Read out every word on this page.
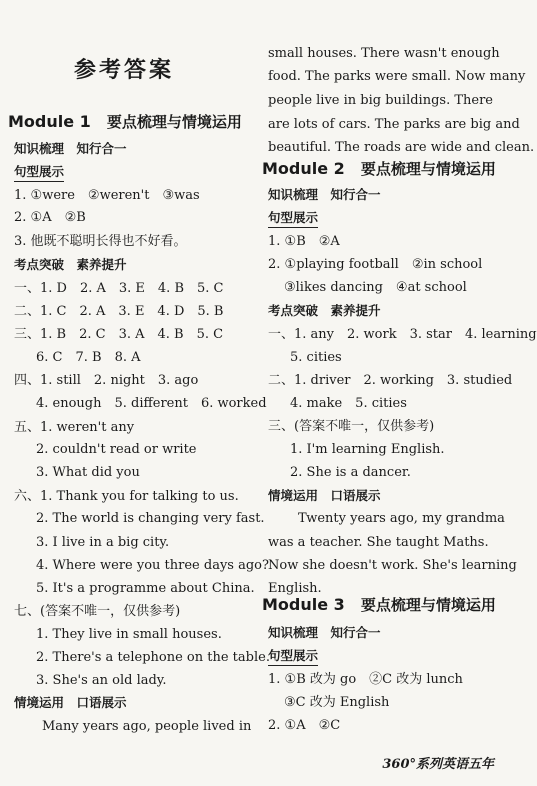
参考答案
Module 1　 要点梳理与情境运用
知识梳理　知行合一
句型展示
1. ①were　②weren't　③was
2. ①A　②B
3. 他既不聪明长得也不好看。
考点突破　素养提升
一、1. D　2. A　3. E　4. B　5. C
二、1. C　2. A　3. E　4. D　5. B
三、1. B　2. C　3. A　4. B　5. C
6. C　7. B　8. A
四、1. still　2. night　3. ago
4. enough　5. different　6. worked
五、1. weren't any
2. couldn't read or write
3. What did you
六、1. Thank you for talking to us.
2. The world is changing very fast.
3. I live in a big city.
4. Where were you three days ago?
5. It's a programme about China.
七、(答案不唯一，仅供参考)
1. They live in small houses.
2. There's a telephone on the table.
3. She's an old lady.
情境运用　口语展示
Many years ago, people lived in
small houses. There wasn't enough
food. The parks were small. Now many
people live in big buildings. There
are lots of cars. The parks are big and
beautiful. The roads are wide and clean.
Module 2　 要点梳理与情境运用
知识梳理　知行合一
句型展示
1. ①B　②A
2. ①playing football　②in school
③likes dancing　④at school
考点突破　素养提升
一、1. any　2. work　3. star　4. learning
5. cities
二、1. driver　2. working　3. studied
4. make　5. cities
三、(答案不唯一，仅供参考)
1. I'm learning English.
2. She is a dancer.
情境运用　口语展示
Twenty years ago, my grandma
was a teacher. She taught Maths.
Now she doesn't work. She's learning
English.
Module 3　 要点梳理与情境运用
知识梳理　知行合一
句型展示
1. ①B 改为 go　②C 改为 lunch
③C 改为 English
2. ①A　②C
360°系列英语五年
